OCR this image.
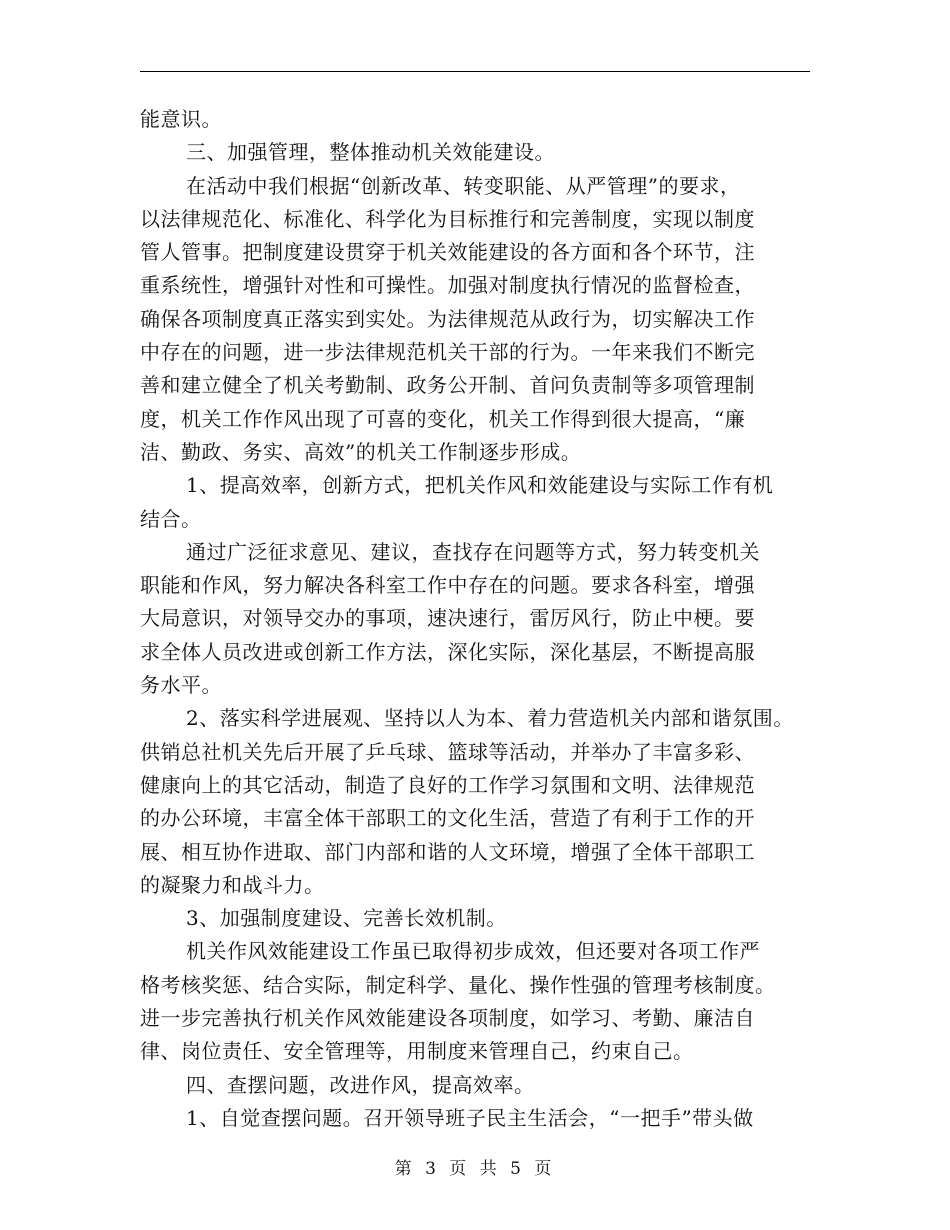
能意识。
三、加强管理，整体推动机关效能建设。
在活动中我们根据“创新改革、转变职能、从严管理”的要求，
以法律规范化、标准化、科学化为目标推行和完善制度，实现以制度
管人管事。把制度建设贯穿于机关效能建设的各方面和各个环节，注
重系统性，增强针对性和可操性。加强对制度执行情况的监督检查，
确保各项制度真正落实到实处。为法律规范从政行为，切实解决工作
中存在的问题，进一步法律规范机关干部的行为。一年来我们不断完
善和建立健全了机关考勤制、政务公开制、首问负责制等多项管理制
度，机关工作作风出现了可喜的变化，机关工作得到很大提高，“廉
洁、勤政、务实、高效”的机关工作制逐步形成。
1、提高效率，创新方式，把机关作风和效能建设与实际工作有机
结合。
通过广泛征求意见、建议，查找存在问题等方式，努力转变机关
职能和作风，努力解决各科室工作中存在的问题。要求各科室，增强
大局意识，对领导交办的事项，速决速行，雷厉风行，防止中梗。要
求全体人员改进或创新工作方法，深化实际，深化基层，不断提高服
务水平。
2、落实科学进展观、坚持以人为本、着力营造机关内部和谐氛围。
供销总社机关先后开展了乒乓球、篮球等活动，并举办了丰富多彩、
健康向上的其它活动，制造了良好的工作学习氛围和文明、法律规范
的办公环境，丰富全体干部职工的文化生活，营造了有利于工作的开
展、相互协作进取、部门内部和谐的人文环境，增强了全体干部职工
的凝聚力和战斗力。
3、加强制度建设、完善长效机制。
机关作风效能建设工作虽已取得初步成效，但还要对各项工作严
格考核奖惩、结合实际，制定科学、量化、操作性强的管理考核制度。
进一步完善执行机关作风效能建设各项制度，如学习、考勤、廉洁自
律、岗位责任、安全管理等，用制度来管理自己，约束自己。
四、查摆问题，改进作风，提高效率。
1、自觉查摆问题。召开领导班子民主生活会，“一把手”带头做
第 3 页 共 5 页
